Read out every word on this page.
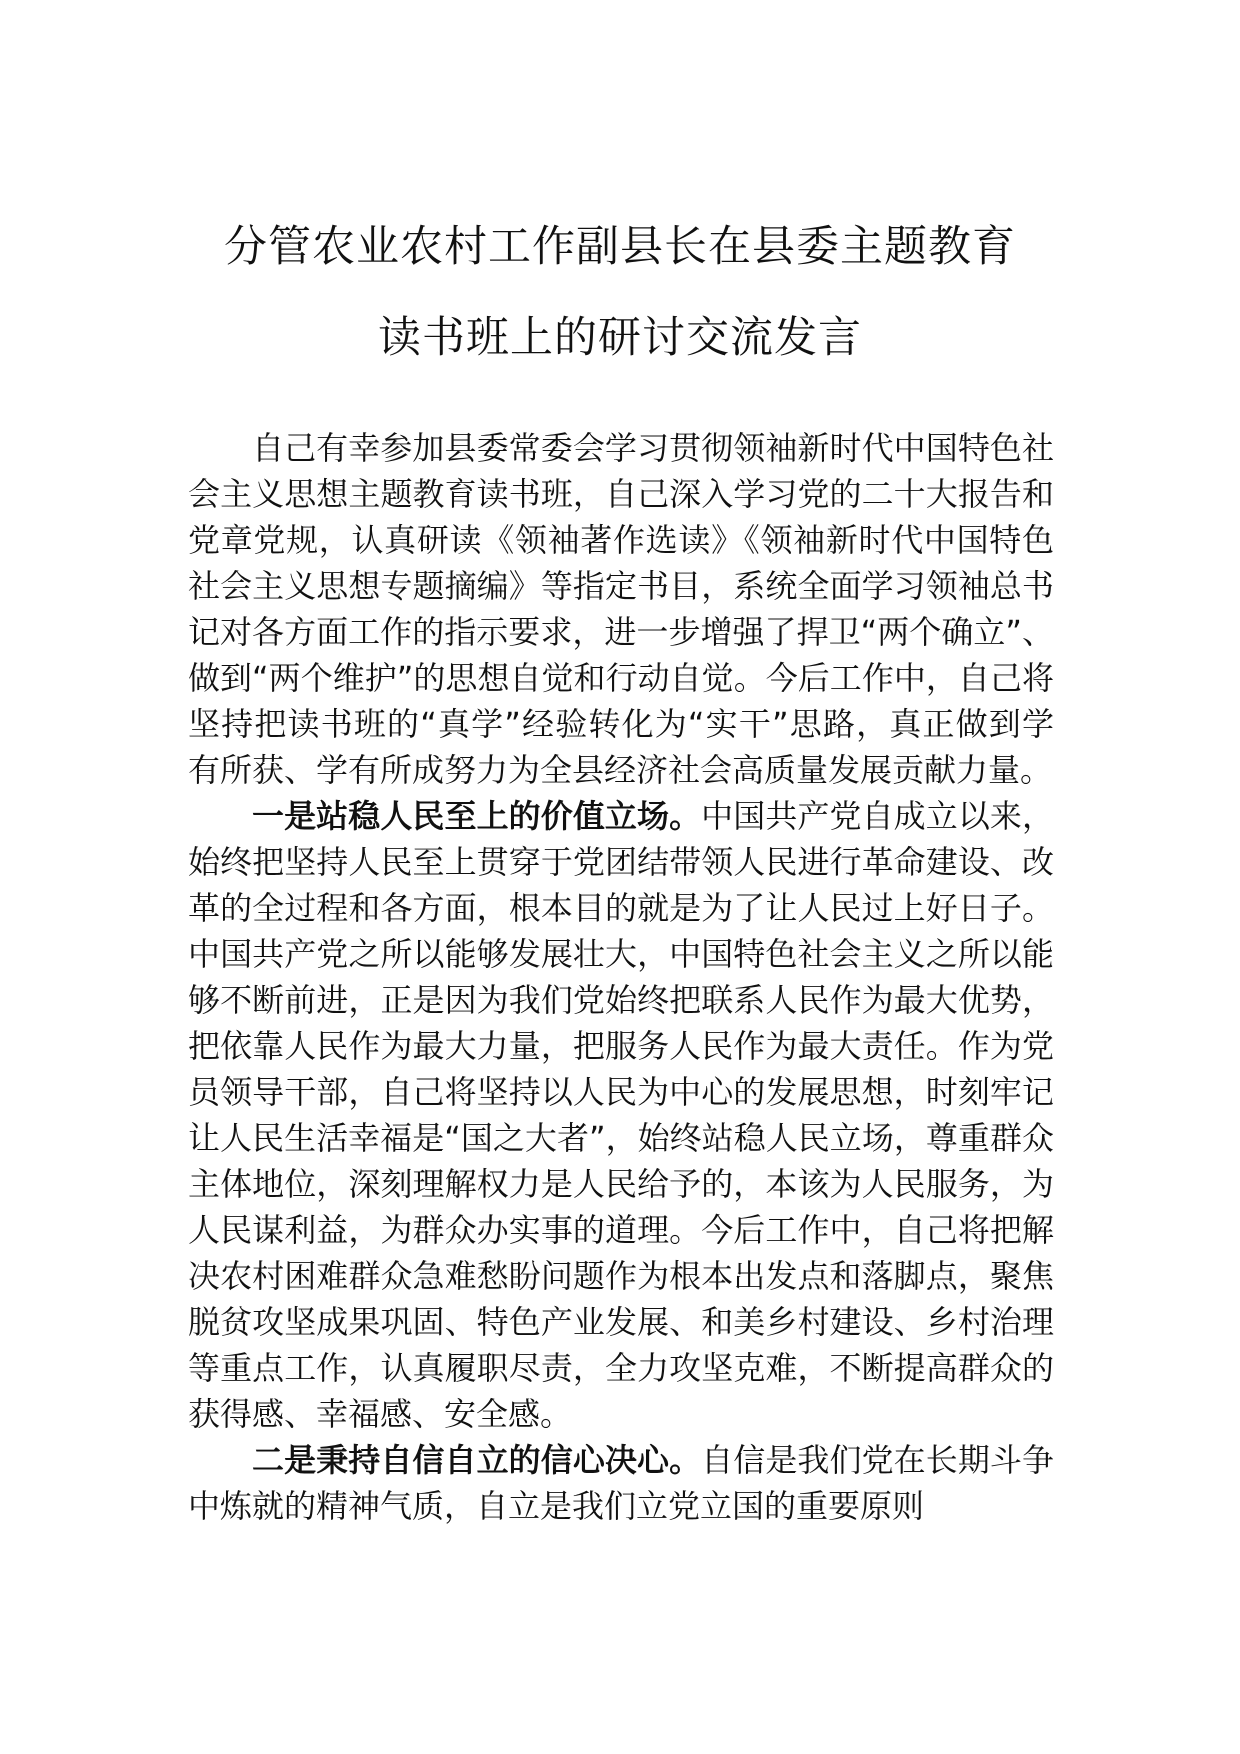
分管农业农村工作副县长在县委主题教育
读书班上的研讨交流发言

自己有幸参加县委常委会学习贯彻领袖新时代中国特色社会主义思想主题教育读书班，自己深入学习党的二十大报告和党章党规，认真研读《领袖著作选读》《领袖新时代中国特色社会主义思想专题摘编》等指定书目，系统全面学习领袖总书记对各方面工作的指示要求，进一步增强了捍卫“两个确立”、做到“两个维护”的思想自觉和行动自觉。今后工作中，自己将坚持把读书班的“真学”经验转化为“实干”思路，真正做到学有所获、学有所成努力为全县经济社会高质量发展贡献力量。

一是站稳人民至上的价值立场。中国共产党自成立以来，始终把坚持人民至上贯穿于党团结带领人民进行革命建设、改革的全过程和各方面，根本目的就是为了让人民过上好日子。中国共产党之所以能够发展壮大，中国特色社会主义之所以能够不断前进，正是因为我们党始终把联系人民作为最大优势，把依靠人民作为最大力量，把服务人民作为最大责任。作为党员领导干部，自己将坚持以人民为中心的发展思想，时刻牢记让人民生活幸福是“国之大者”，始终站稳人民立场，尊重群众主体地位，深刻理解权力是人民给予的，本该为人民服务，为人民谋利益，为群众办实事的道理。今后工作中，自己将把解决农村困难群众急难愁盼问题作为根本出发点和落脚点，聚焦脱贫攻坚成果巩固、特色产业发展、和美乡村建设、乡村治理等重点工作，认真履职尽责，全力攻坚克难，不断提高群众的获得感、幸福感、安全感。

二是秉持自信自立的信心决心。自信是我们党在长期斗争中炼就的精神气质，自立是我们立党立国的重要原则
